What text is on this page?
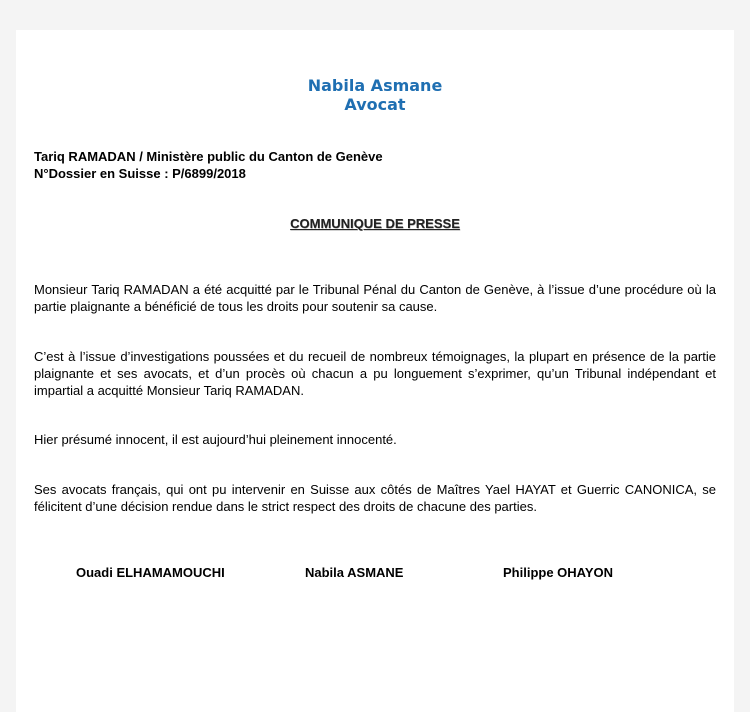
Nabila Asmane
Avocat
Tariq RAMADAN / Ministère public du Canton de Genève
N°Dossier en Suisse : P/6899/2018
COMMUNIQUE DE PRESSE
Monsieur Tariq RAMADAN a été acquitté par le Tribunal Pénal du Canton de Genève, à l’issue d’une procédure où la partie plaignante a bénéficié de tous les droits pour soutenir sa cause.
C’est à l’issue d’investigations poussées et du recueil de nombreux témoignages, la plupart en présence de la partie plaignante et ses avocats, et d’un procès où chacun a pu longuement s’exprimer, qu’un Tribunal indépendant et impartial a acquitté Monsieur Tariq RAMADAN.
Hier présumé innocent, il est aujourd’hui pleinement innocenté.
Ses avocats français, qui ont pu intervenir en Suisse aux côtés de Maîtres Yael HAYAT et Guerric CANONICA, se félicitent d’une décision rendue dans le strict respect des droits de chacune des parties.
Ouadi ELHAMAMOUCHI	Nabila ASMANE	Philippe OHAYON
